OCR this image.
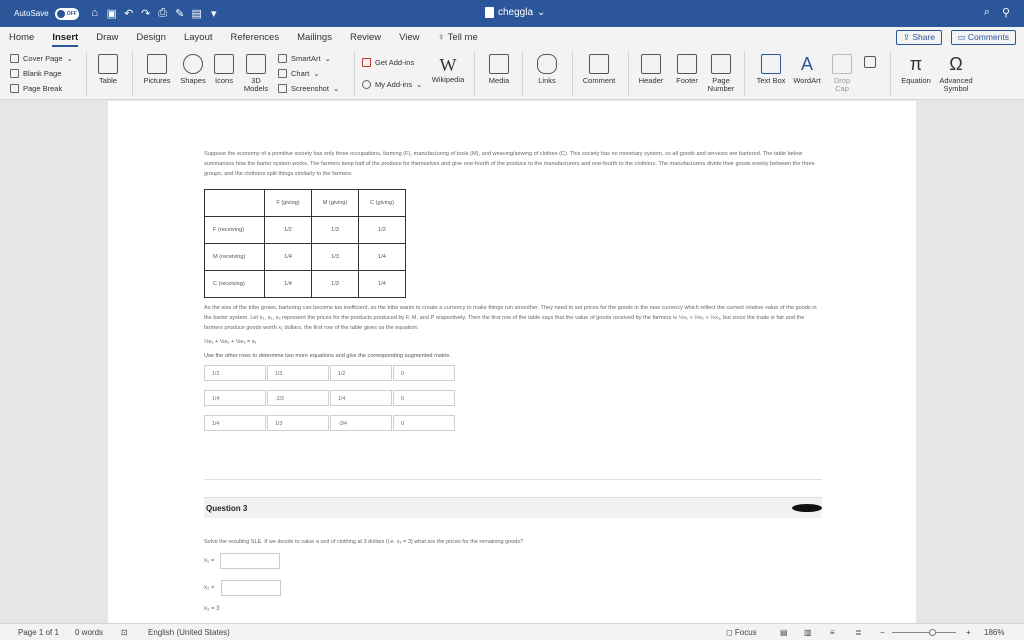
AutoSave	OFF ⌂ ▣ ↶ ↷ ⎙ ✎ ▤ ▾	cheggla ⌄	⌕ ⚲
Home	Insert	Draw	Design	Layout	References	Mailings	Review	View	♀ Tell me	⇪ Share	▭ Comments
Cover Page ⌄
Blank Page
Page Break
Table	Pictures	Shapes	Icons	3D Models
SmartArt ⌄
Chart ⌄
Screenshot ⌄
Get Add-ins
My Add-ins ⌄
W
Wikipedia	Media	Links	Comment	Header	Footer	Page Number
Text Box
A
WordArt	Drop Cap
π
Equation
Ω
Advanced Symbol

Suppose the economy of a primitive society has only three occupations, farming (F), manufacturing of tools (M), and weaving/sewing of clothes (C). This society has no monetary system, so all goods and services are bartered. The table below summarizes how the barter system works. The farmers keep half of the produce for themselves and give one-fourth of the produce to the manufacturers and one-fourth to the clothiers. The manufacturers divide their goods evenly between the three groups, and the clothiers split things similarly to the farmers.

	F (giving)	M (giving)	C (giving)
F (receiving)	1/2	1/3	1/2
M (receiving)	1/4	1/3	1/4
C (receiving)	1/4	1/3	1/4

As the size of the tribe grows, bartering can become too inefficient, so the tribe wants to create a currency to make things run smoother. They need to set prices for the goods in the new currency which reflect the current relative value of the goods in the barter system. Let x₁, x₂, x₃ represent the prices for the products produced by F, M, and P respectively. Then the first row of the table says that the value of goods received by the farmers is ½x₁ + ⅓x₂ + ½x₃, but since the trade is fair and the farmers produce goods worth x₁ dollars, the first row of the table gives us the equation:

½x₁ + ⅓x₂ + ½x₃ = x₁

Use the other rows to determine two more equations and give the corresponding augmented matrix.

1/2	1/3	1/2	0
1/4	-2/3	1/4	0
1/4	1/3	-3/4	0
Question 3
Solve the resulting SLE. If we decide to value a unit of clothing at 3 dollars (i.e. x₃ = 3) what are the prices for the remaining goods?
x₁ =
x₂ =
x₃ = 3
Page 1 of 1 0 words ⊡	English (United States)	◻ Focus	▤ ▥ ≡	≣ −	+ 186%
